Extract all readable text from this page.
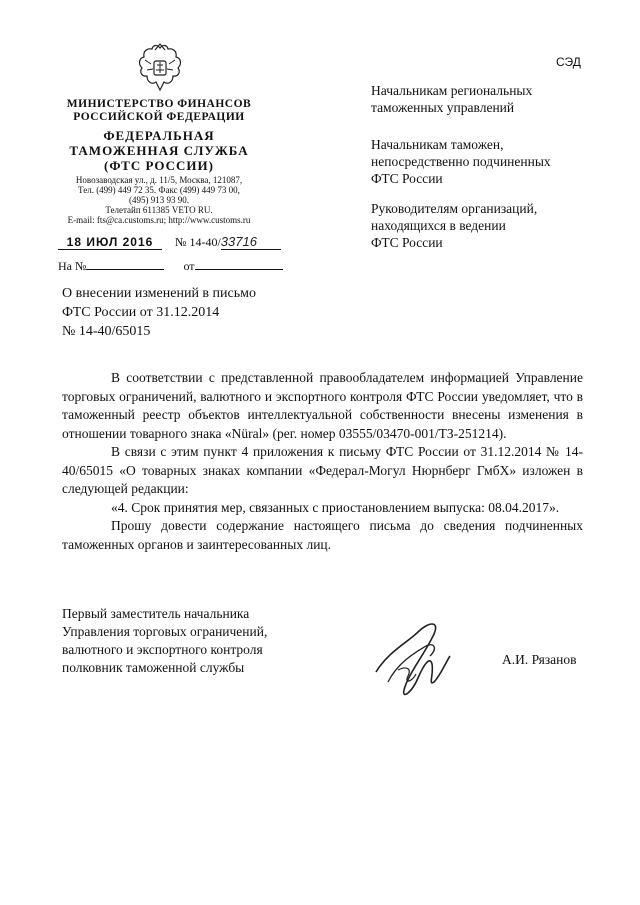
МИНИСТЕРСТВО ФИНАНСОВ
РОССИЙСКОЙ ФЕДЕРАЦИИ
ФЕДЕРАЛЬНАЯ
ТАМОЖЕННАЯ СЛУЖБА
(ФТС РОССИИ)
Новозаводская ул., д. 11/5, Москва, 121087,
Тел. (499) 449 72 35. Факс (499) 449 73 00,
(495) 913 93 90.
Телетайп 611385 VETO RU.
E-mail: fts@ca.customs.ru; http://www.customs.ru
СЭД
Начальникам региональных
таможенных управлений
Начальникам таможен,
непосредственно подчиненных
ФТС России
Руководителям организаций,
находящихся в ведении
ФТС России
18 ИЮЛ 2016 № 14-40/33716
На №	от
О внесении изменений в письмо
ФТС России от 31.12.2014
№ 14-40/65015

В соответствии с представленной правообладателем информацией Управление торговых ограничений, валютного и экспортного контроля ФТС России уведомляет, что в таможенный реестр объектов интеллектуальной собственности внесены изменения в отношении товарного знака «Nüral» (рег. номер 03555/03470-001/ТЗ-251214).

В связи с этим пункт 4 приложения к письму ФТС России от 31.12.2014 № 14-40/65015 «О товарных знаках компании «Федерал-Могул Нюрнберг ГмбХ» изложен в следующей редакции:

«4. Срок принятия мер, связанных с приостановлением выпуска: 08.04.2017».

Прошу довести содержание настоящего письма до сведения подчиненных таможенных органов и заинтересованных лиц.

Первый заместитель начальника
Управления торговых ограничений,
валютного и экспортного контроля
полковник таможенной службы
А.И. Рязанов
